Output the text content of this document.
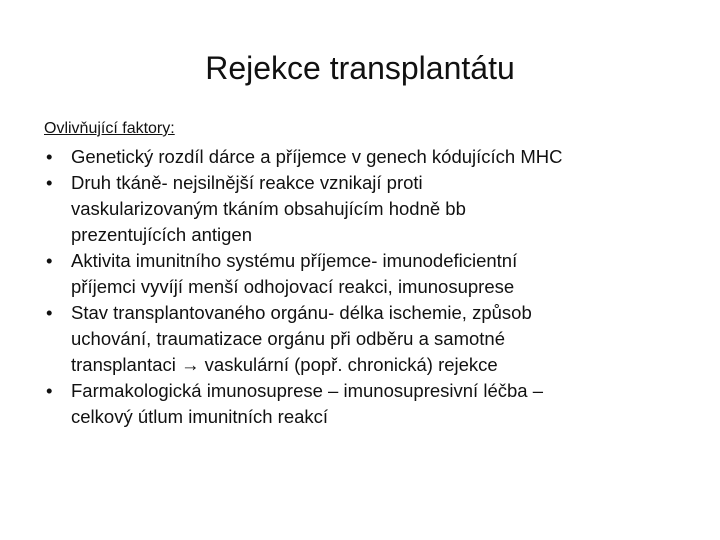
Rejekce transplantátu

Ovlivňující faktory:

•	Genetický rozdíl dárce a příjemce v genech kódujících MHC
•	Druh tkáně- nejsilnější reakce vznikají proti
vaskularizovaným tkáním obsahujícím hodně bb
prezentujících antigen
•	Aktivita imunitního systému příjemce- imunodeficientní
příjemci vyvíjí menší odhojovací reakci, imunosuprese
•	Stav transplantovaného orgánu- délka ischemie, způsob
uchování, traumatizace orgánu při odběru a samotné
transplantaci → vaskulární (popř. chronická) rejekce
•	Farmakologická imunosuprese – imunosupresivní léčba –
celkový útlum imunitních reakcí
